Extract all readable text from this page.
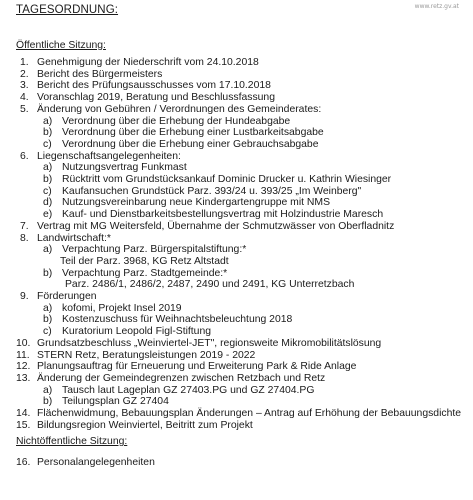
www.retz.gv.at
TAGESORDNUNG:
Öffentliche Sitzung:
1. Genehmigung der Niederschrift vom 24.10.2018
2. Bericht des Bürgermeisters
3. Bericht des Prüfungsausschusses vom 17.10.2018
4. Voranschlag 2019, Beratung und Beschlussfassung
5. Änderung von Gebühren / Verordnungen des Gemeinderates:
a) Verordnung über die Erhebung der Hundeabgabe
b) Verordnung über die Erhebung einer Lustbarkeitsabgabe
c) Verordnung über die Erhebung einer Gebrauchsabgabe
6. Liegenschaftsangelegenheiten:
a) Nutzungsvertrag Funkmast
b) Rücktritt vom Grundstücksankauf Dominic Drucker u. Kathrin Wiesinger
c) Kaufansuchen Grundstück Parz. 393/24 u. 393/25 „Im Weinberg"
d) Nutzungsvereinbarung neue Kindergartengruppe mit NMS
e) Kauf- und Dienstbarkeitsbestellungsvertrag mit Holzindustrie Maresch
7. Vertrag mit MG Weitersfeld, Übernahme der Schmutzwässer von Oberfladnitz
8. Landwirtschaft:*
a) Verpachtung Parz. Bürgerspitalstiftung:*
Teil der Parz. 3968, KG Retz Altstadt
b) Verpachtung Parz. Stadtgemeinde:*
Parz. 2486/1, 2486/2, 2487, 2490 und 2491, KG Unterretzbach
9. Förderungen
a) kofomi, Projekt Insel 2019
b) Kostenzuschuss für Weihnachtsbeleuchtung 2018
c) Kuratorium Leopold Figl-Stiftung
10. Grundsatzbeschluss „Weinviertel-JET", regionsweite Mikromobilitätslösung
11. STERN Retz, Beratungsleistungen 2019 - 2022
12. Planungsauftrag für Erneuerung und Erweiterung Park & Ride Anlage
13. Änderung der Gemeindegrenzen zwischen Retzbach und Retz
a) Tausch laut Lageplan GZ 27403.PG und GZ 27404.PG
b) Teilungsplan GZ 27404
14. Flächenwidmung, Bebauungsplan Änderungen – Antrag auf Erhöhung der Bebauungsdichte
15. Bildungsregion Weinviertel, Beitritt zum Projekt
Nichtöffentliche Sitzung:
16. Personalangelegenheiten
